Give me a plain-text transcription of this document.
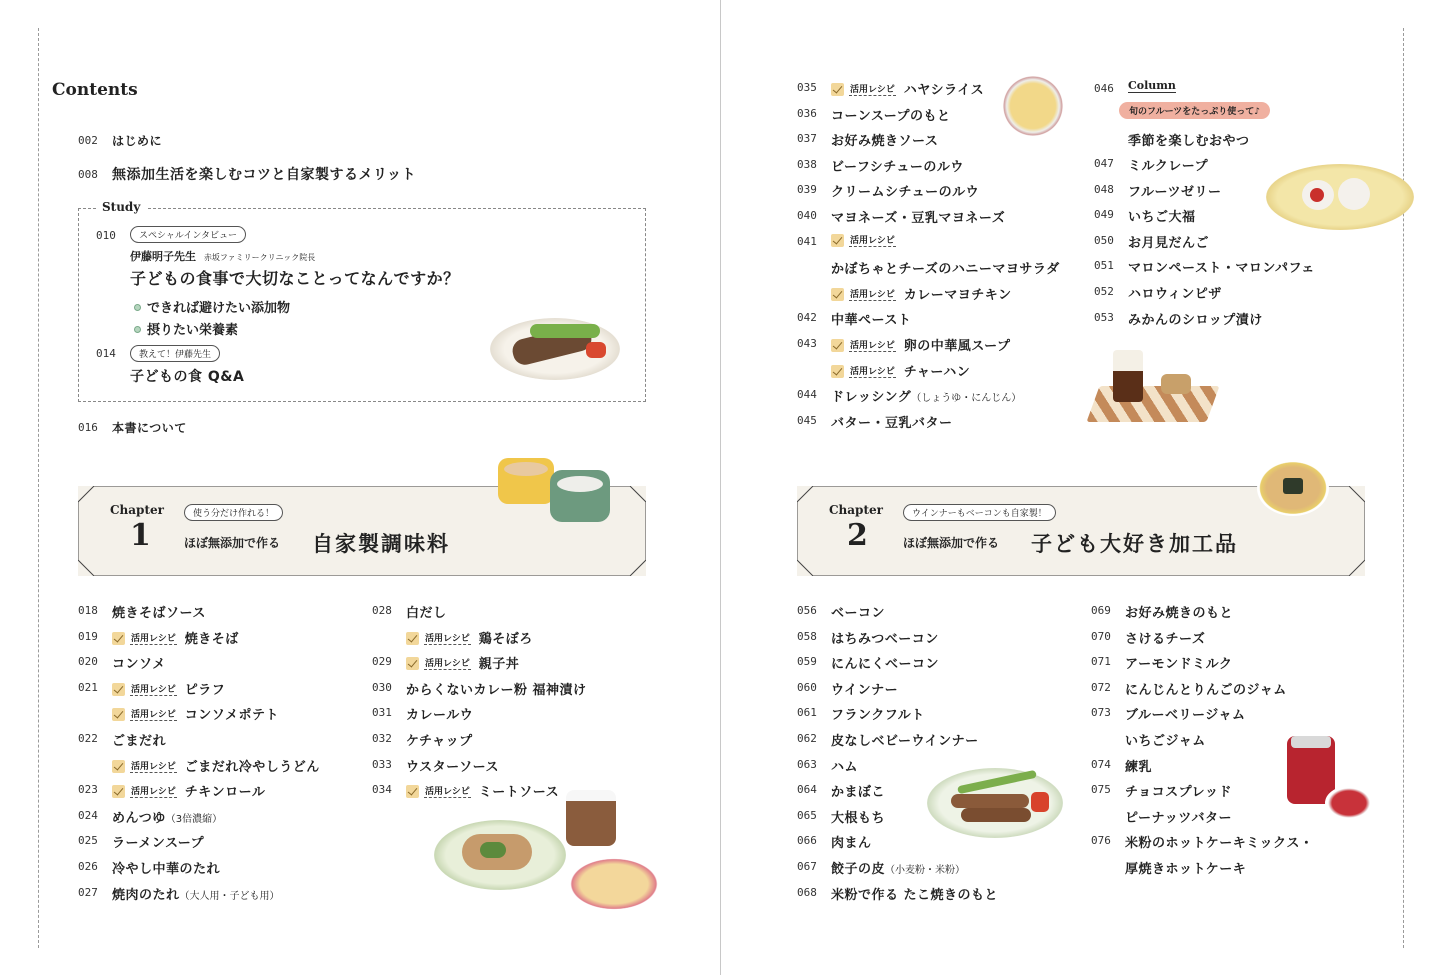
Contents
002 はじめに
008 無添加生活を楽しむコツと自家製するメリット
Study
010	スペシャルインタビュー
伊藤明子先生 赤坂ファミリークリニック院長
子どもの食事で大切なことってなんですか？
できれば避けたい添加物
摂りたい栄養素
014	教えて！伊藤先生
子どもの食 Q&A
016 本書について
Chapter
1
使う分だけ作れる！
ほぼ無添加で作る 自家製調味料
018 焼きそばソース
019	活用レシピ 焼きそば
020 コンソメ
021	活用レシピ ピラフ
活用レシピ コンソメポテト
022 ごまだれ
活用レシピ ごまだれ冷やしうどん
023	活用レシピ チキンロール
024 めんつゆ（3倍濃縮）
025 ラーメンスープ
026 冷やし中華のたれ
027 焼肉のたれ（大人用・子ども用）
028 白だし
活用レシピ 鶏そぼろ
029	活用レシピ 親子丼
030 からくないカレー粉 福神漬け
031 カレールウ
032 ケチャップ
033 ウスターソース
034	活用レシピ ミートソース
035	活用レシピ ハヤシライス
036 コーンスープのもと
037 お好み焼きソース
038 ビーフシチューのルウ
039 クリームシチューのルウ
040 マヨネーズ・豆乳マヨネーズ
041	活用レシピ
かぼちゃとチーズのハニーマヨサラダ
活用レシピ カレーマヨチキン
042 中華ペースト
043	活用レシピ 卵の中華風スープ
活用レシピ チャーハン
044 ドレッシング（しょうゆ・にんじん）
045 バター・豆乳バター
046 Column
旬のフルーツをたっぷり使って♪
季節を楽しむおやつ
047 ミルクレープ
048 フルーツゼリー
049 いちご大福
050 お月見だんご
051 マロンペースト・マロンパフェ
052 ハロウィンピザ
053 みかんのシロップ漬け
Chapter
2
ウインナーもベーコンも自家製！
ほぼ無添加で作る 子ども大好き加工品
056 ベーコン
058 はちみつベーコン
059 にんにくベーコン
060 ウインナー
061 フランクフルト
062 皮なしベビーウインナー
063 ハム
064 かまぼこ
065 大根もち
066 肉まん
067 餃子の皮（小麦粉・米粉）
068 米粉で作る たこ焼きのもと
069 お好み焼きのもと
070 さけるチーズ
071 アーモンドミルク
072 にんじんとりんごのジャム
073 ブルーベリージャム
いちごジャム
074 練乳
075 チョコスプレッド
ピーナッツバター
076 米粉のホットケーキミックス・
厚焼きホットケーキ
